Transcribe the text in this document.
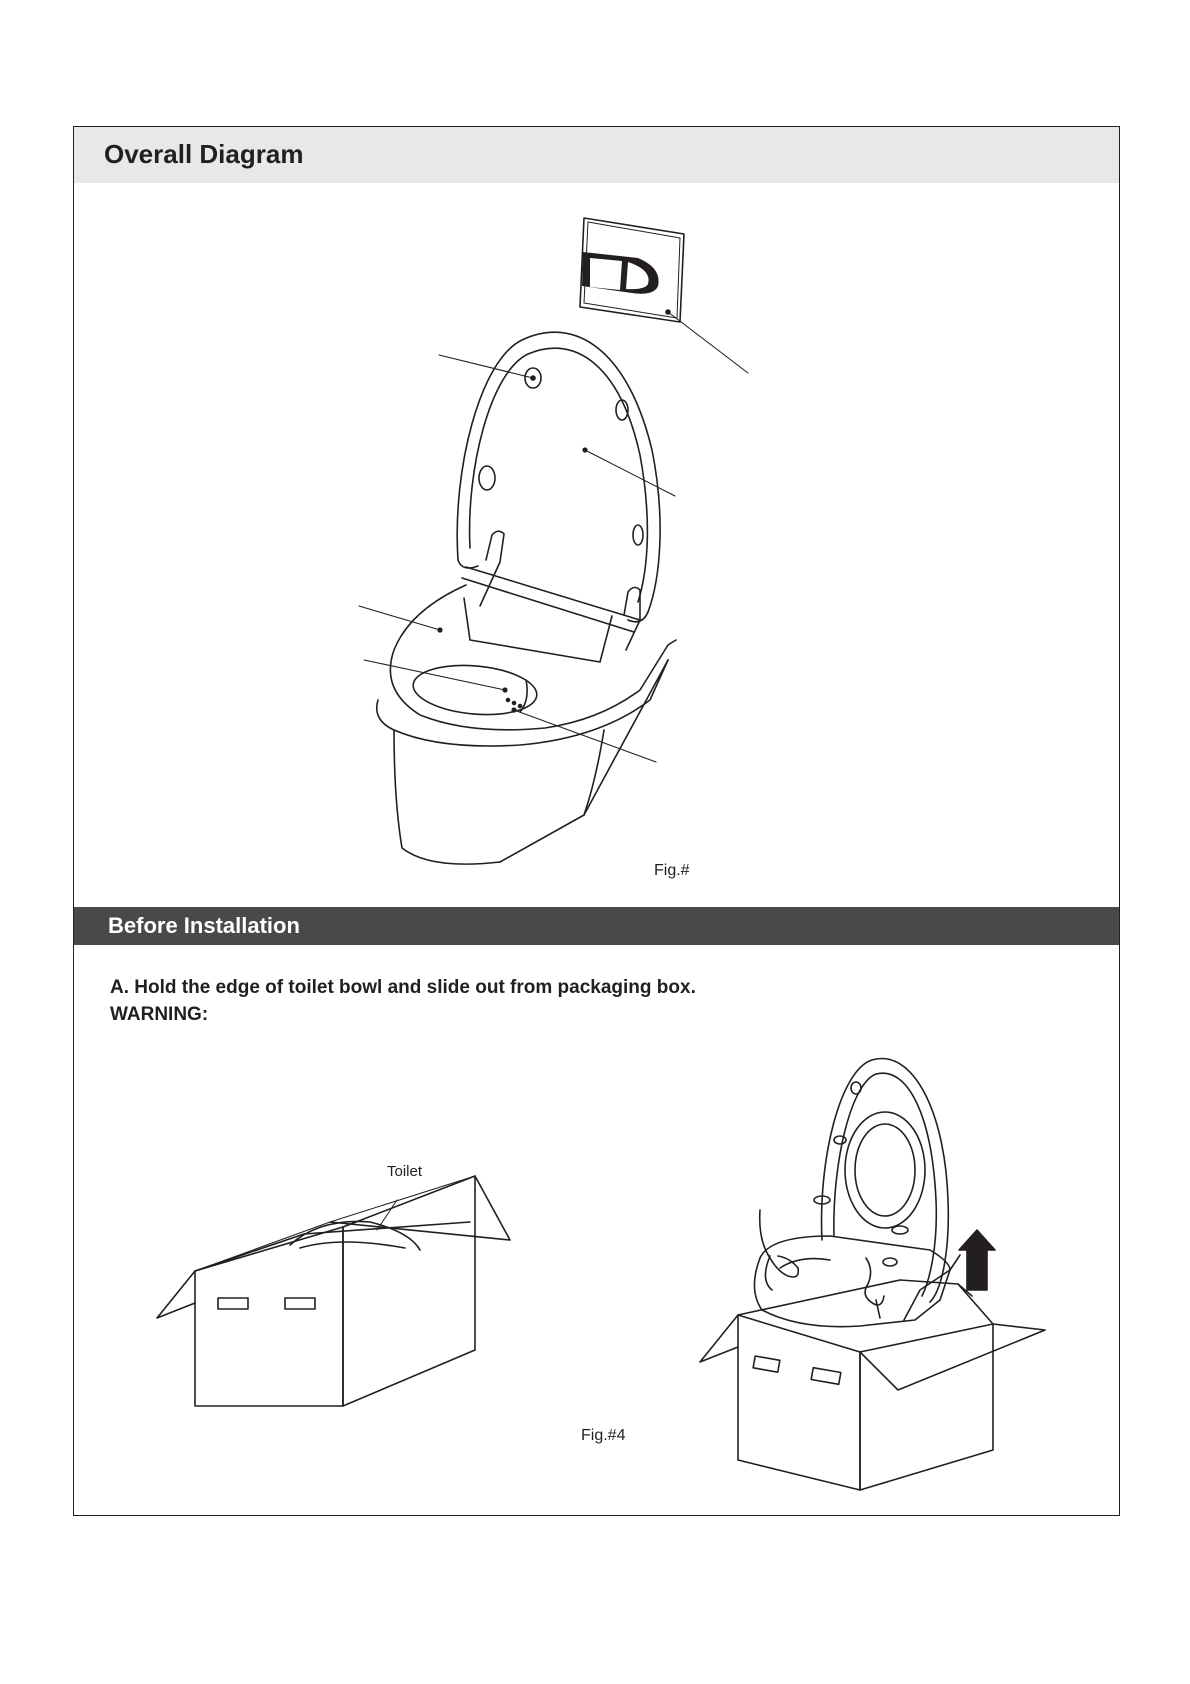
Overall Diagram
Fig.#
Before Installation
A. Hold the edge of toilet bowl and slide out from packaging box.
WARNING:
Toilet
Fig.#4
